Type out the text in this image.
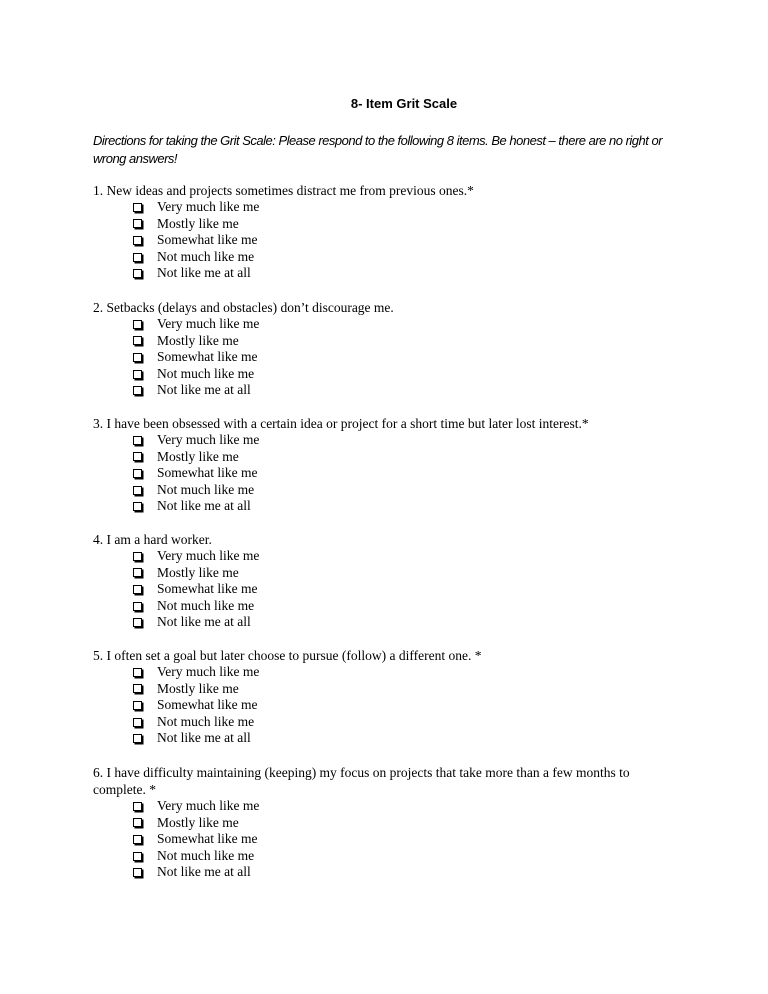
8- Item Grit Scale
Directions for taking the Grit Scale: Please respond to the following 8 items. Be honest – there are no right or wrong answers!

1. New ideas and projects sometimes distract me from previous ones.*

Very much like me
Mostly like me
Somewhat like me
Not much like me
Not like me at all

2. Setbacks (delays and obstacles) don’t discourage me.

Very much like me
Mostly like me
Somewhat like me
Not much like me
Not like me at all

3. I have been obsessed with a certain idea or project for a short time but later lost interest.*

Very much like me
Mostly like me
Somewhat like me
Not much like me
Not like me at all

4. I am a hard worker.

Very much like me
Mostly like me
Somewhat like me
Not much like me
Not like me at all

5. I often set a goal but later choose to pursue (follow) a different one. *

Very much like me
Mostly like me
Somewhat like me
Not much like me
Not like me at all

6. I have difficulty maintaining (keeping) my focus on projects that take more than a few months to complete. *

Very much like me
Mostly like me
Somewhat like me
Not much like me
Not like me at all
